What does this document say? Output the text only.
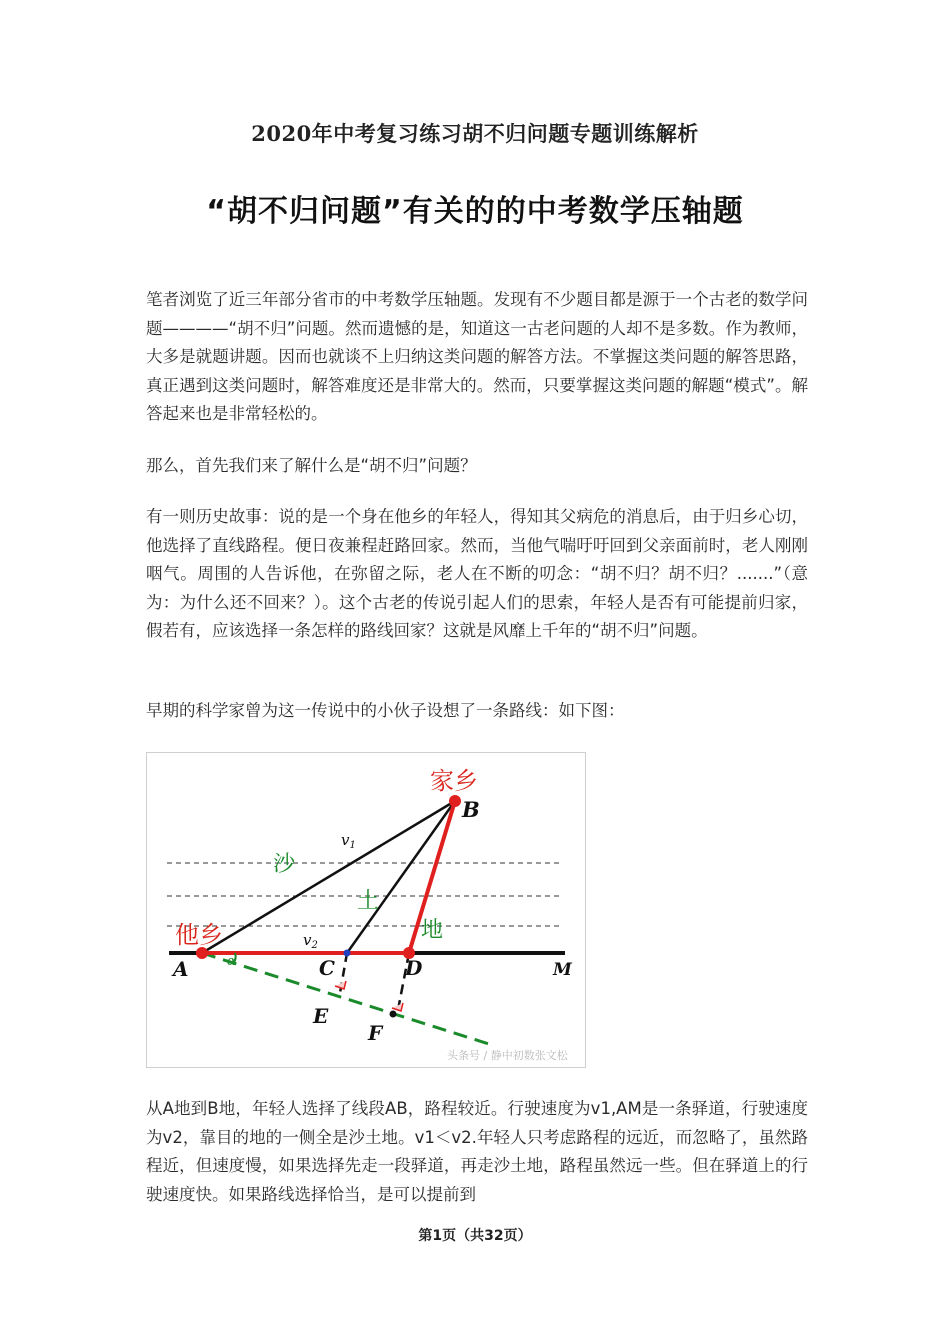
2020年中考复习练习胡不归问题专题训练解析
“胡不归问题”有关的的中考数学压轴题

笔者浏览了近三年部分省市的中考数学压轴题。发现有不少题目都是源于一个古老的数学问题————“胡不归”问题。然而遗憾的是，知道这一古老问题的人却不是多数。作为教师，大多是就题讲题。因而也就谈不上归纳这类问题的解答方法。不掌握这类问题的解答思路，真正遇到这类问题时，解答难度还是非常大的。然而，只要掌握这类问题的解题“模式”。解答起来也是非常轻松的。

那么，首先我们来了解什么是“胡不归”问题？

有一则历史故事：说的是一个身在他乡的年轻人，得知其父病危的消息后，由于归乡心切，他选择了直线路程。便日夜兼程赶路回家。然而，当他气喘吁吁回到父亲面前时，老人刚刚咽气。周围的人告诉他，在弥留之际，老人在不断的叨念：“胡不归？胡不归？.......”（意为：为什么还不回来？）。这个古老的传说引起人们的思索，年轻人是否有可能提前归家，假若有，应该选择一条怎样的路线回家？这就是风靡上千年的“胡不归”问题。

早期的科学家曾为这一传说中的小伙子设想了一条路线：如下图：

家乡
他乡
沙
土
地
B
A	C	D
E
F
M
$v_1$
$v_2$
α
头条号 / 静中初数张文松

从A地到B地，年轻人选择了线段AB，路程较近。行驶速度为v1,AM是一条驿道，行驶速度为v2，靠目的地的一侧全是沙土地。v1＜v2.年轻人只考虑路程的远近，而忽略了，虽然路程近，但速度慢，如果选择先走一段驿道，再走沙土地，路程虽然远一些。但在驿道上的行驶速度快。如果路线选择恰当，是可以提前到

第1页（共32页）
